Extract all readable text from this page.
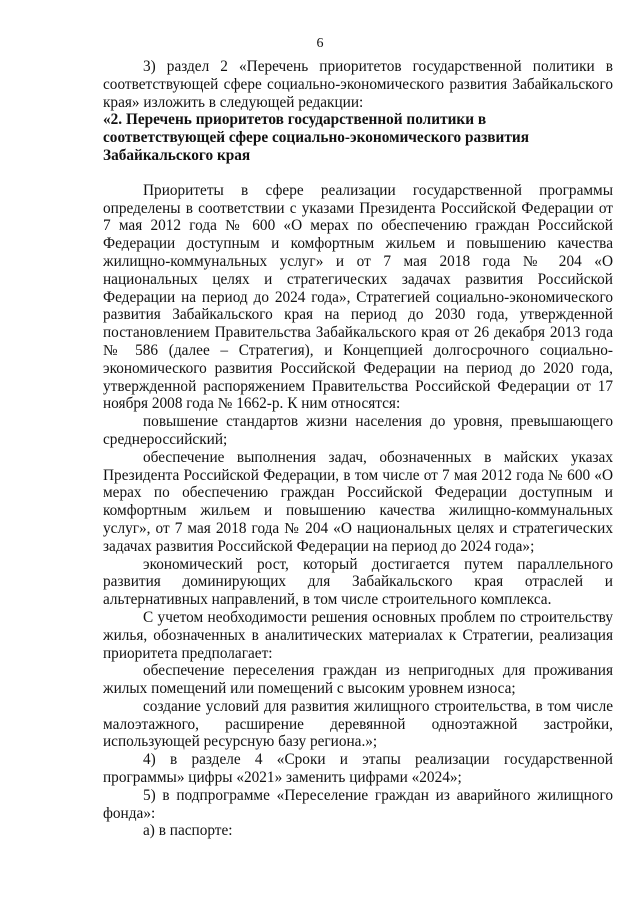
6

3) раздел 2 «Перечень приоритетов государственной политики в соответствующей сфере социально-экономического развития Забайкальского края» изложить в следующей редакции:

«2. Перечень приоритетов государственной политики в

соответствующей сфере социально-экономического развития

Забайкальского края

Приоритеты в сфере реализации государственной программы определены в соответствии с указами Президента Российской Федерации от 7 мая 2012 года № 600 «О мерах по обеспечению граждан Российской Федерации доступным и комфортным жильем и повышению качества жилищно-коммунальных услуг» и от 7 мая 2018 года № 204 «О национальных целях и стратегических задачах развития Российской Федерации на период до 2024 года», Стратегией социально-экономического развития Забайкальского края на период до 2030 года, утвержденной постановлением Правительства Забайкальского края от 26 декабря 2013 года № 586 (далее – Стратегия), и Концепцией долгосрочного социально-экономического развития Российской Федерации на период до 2020 года, утвержденной распоряжением Правительства Российской Федерации от 17 ноября 2008 года № 1662-р. К ним относятся:

повышение стандартов жизни населения до уровня, превышающего среднероссийский;

обеспечение выполнения задач, обозначенных в майских указах Президента Российской Федерации, в том числе от 7 мая 2012 года № 600 «О мерах по обеспечению граждан Российской Федерации доступным и комфортным жильем и повышению качества жилищно-коммунальных услуг», от 7 мая 2018 года № 204 «О национальных целях и стратегических задачах развития Российской Федерации на период до 2024 года»;

экономический рост, который достигается путем параллельного развития доминирующих для Забайкальского края отраслей и альтернативных направлений, в том числе строительного комплекса.

С учетом необходимости решения основных проблем по строительству жилья, обозначенных в аналитических материалах к Стратегии, реализация приоритета предполагает:

обеспечение переселения граждан из непригодных для проживания жилых помещений или помещений с высоким уровнем износа;

создание условий для развития жилищного строительства, в том числе малоэтажного, расширение деревянной одноэтажной застройки, использующей ресурсную базу региона.»;

4) в разделе 4 «Сроки и этапы реализации государственной программы» цифры «2021» заменить цифрами «2024»;

5) в подпрограмме «Переселение граждан из аварийного жилищного фонда»:

а) в паспорте:
